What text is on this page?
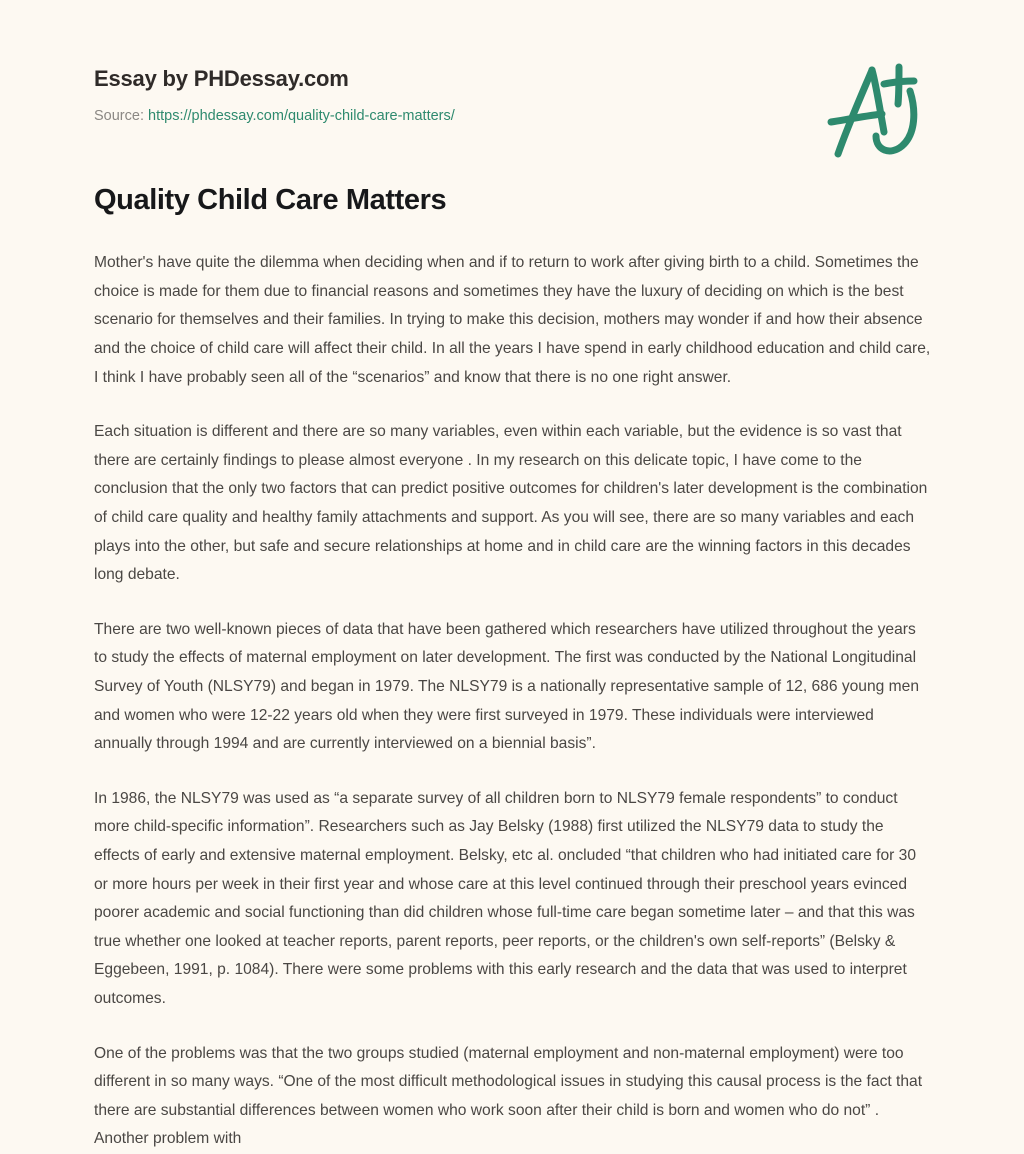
Essay by PHDessay.com
Source: https://phdessay.com/quality-child-care-matters/
Quality Child Care Matters

Mother's have quite the dilemma when deciding when and if to return to work after giving birth to a child. Sometimes the choice is made for them due to financial reasons and sometimes they have the luxury of deciding on which is the best scenario for themselves and their families. In trying to make this decision, mothers may wonder if and how their absence and the choice of child care will affect their child. In all the years I have spend in early childhood education and child care, I think I have probably seen all of the “scenarios” and know that there is no one right answer.

Each situation is different and there are so many variables, even within each variable, but the evidence is so vast that there are certainly findings to please almost everyone . In my research on this delicate topic, I have come to the conclusion that the only two factors that can predict positive outcomes for children's later development is the combination of child care quality and healthy family attachments and support. As you will see, there are so many variables and each plays into the other, but safe and secure relationships at home and in child care are the winning factors in this decades long debate.

There are two well-known pieces of data that have been gathered which researchers have utilized throughout the years to study the effects of maternal employment on later development. The first was conducted by the National Longitudinal Survey of Youth (NLSY79) and began in 1979. The NLSY79 is a nationally representative sample of 12, 686 young men and women who were 12-22 years old when they were first surveyed in 1979. These individuals were interviewed annually through 1994 and are currently interviewed on a biennial basis”.

In 1986, the NLSY79 was used as “a separate survey of all children born to NLSY79 female respondents” to conduct more child-specific information”. Researchers such as Jay Belsky (1988) first utilized the NLSY79 data to study the effects of early and extensive maternal employment. Belsky, etc al. oncluded “that children who had initiated care for 30 or more hours per week in their first year and whose care at this level continued through their preschool years evinced poorer academic and social functioning than did children whose full-time care began sometime later – and that this was true whether one looked at teacher reports, parent reports, peer reports, or the children's own self-reports” (Belsky & Eggebeen, 1991, p. 1084). There were some problems with this early research and the data that was used to interpret outcomes.

One of the problems was that the two groups studied (maternal employment and non-maternal employment) were too different in so many ways. “One of the most difficult methodological issues in studying this causal process is the fact that there are substantial differences between women who work soon after their child is born and women who do not” . Another problem with
